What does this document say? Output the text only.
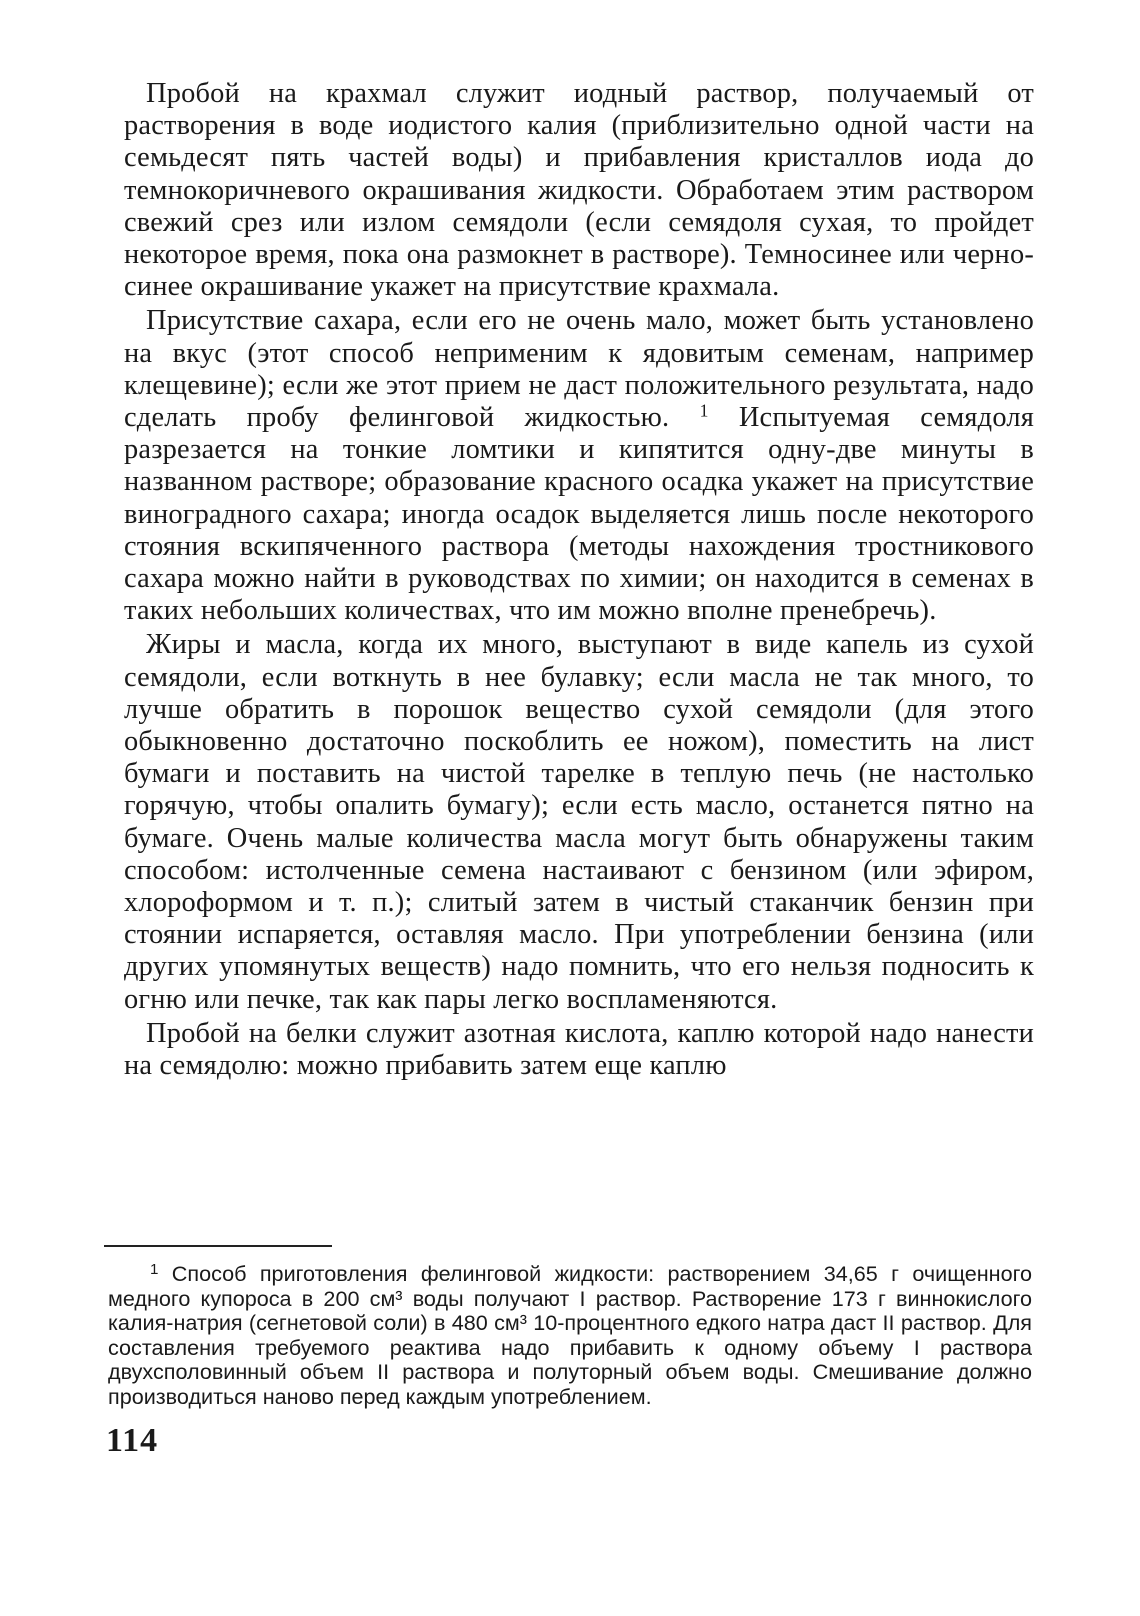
Пробой на крахмал служит иодный раствор, получаемый от растворения в воде иодистого калия (приблизительно одной части на семьдесят пять частей воды) и прибавления кристаллов иода до темнокоричневого окрашивания жидкости. Обработаем этим раствором свежий срез или излом семядоли (если семядоля сухая, то пройдет некоторое время, пока она размокнет в растворе). Темносинее или черно-синее окрашивание укажет на присутствие крахмала.

Присутствие сахара, если его не очень мало, может быть установлено на вкус (этот способ неприменим к ядовитым семенам, например клещевине); если же этот прием не даст положительного результата, надо сделать пробу фелинговой жидкостью. $^1$ Испытуемая семядоля разрезается на тонкие ломтики и кипятится одну-две минуты в названном растворе; образование красного осадка укажет на присутствие виноградного сахара; иногда осадок выделяется лишь после некоторого стояния вскипяченного раствора (методы нахождения тростникового сахара можно найти в руководствах по химии; он находится в семенах в таких небольших количествах, что им можно вполне пренебречь).

Жиры и масла, когда их много, выступают в виде капель из сухой семядоли, если воткнуть в нее булавку; если масла не так много, то лучше обратить в порошок вещество сухой семядоли (для этого обыкновенно достаточно поскоблить ее ножом), поместить на лист бумаги и поставить на чистой тарелке в теплую печь (не настолько горячую, чтобы опалить бумагу); если есть масло, останется пятно на бумаге. Очень малые количества масла могут быть обнаружены таким способом: истолченные семена настаивают с бензином (или эфиром, хлороформом и т. п.); слитый затем в чистый стаканчик бензин при стоянии испаряется, оставляя масло. При употреблении бензина (или других упомянутых веществ) надо помнить, что его нельзя подносить к огню или печке, так как пары легко воспламеняются.

Пробой на белки служит азотная кислота, каплю которой надо нанести на семядолю: можно прибавить затем еще каплю

$^1$ Способ приготовления фелинговой жидкости: растворением 34,65 г очищенного медного купороса в 200 см³ воды получают I раствор. Растворение 173 г виннокислого калия-натрия (сегнетовой соли) в 480 см³ 10-процентного едкого натра даст II раствор. Для составления требуемого реактива надо прибавить к одному объему I раствора двухсполовинный объем II раствора и полуторный объем воды. Смешивание должно производиться наново перед каждым употреблением.

114
